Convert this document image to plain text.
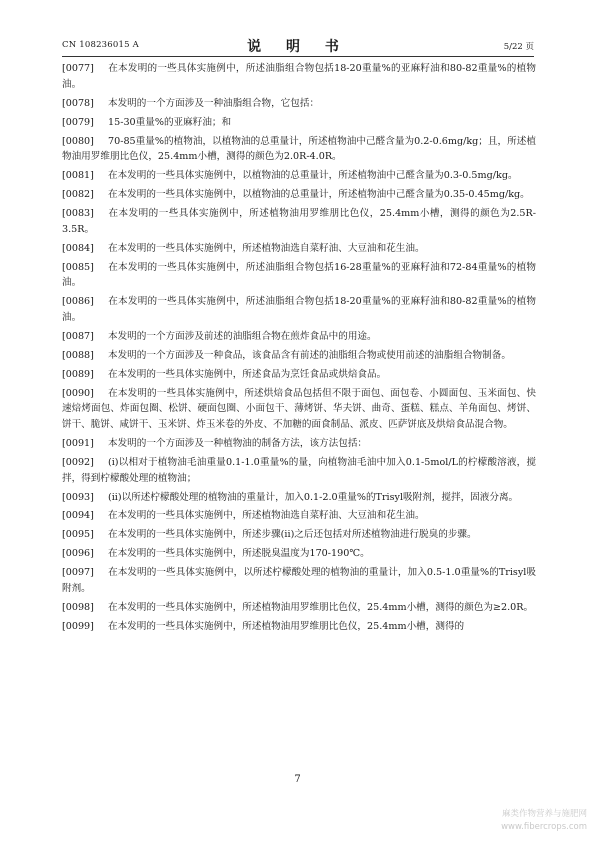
CN 108236015 A	说 明 书	5/22 页

[0077] 在本发明的一些具体实施例中，所述油脂组合物包括18-20重量%的亚麻籽油和80-82重量%的植物油。

[0078] 本发明的一个方面涉及一种油脂组合物，它包括：

[0079] 15-30重量%的亚麻籽油；和

[0080] 70-85重量%的植物油，以植物油的总重量计，所述植物油中己醛含量为0.2-0.6mg/kg；且，所述植物油用罗维朋比色仪，25.4mm小槽，测得的颜色为2.0R-4.0R。

[0081] 在本发明的一些具体实施例中，以植物油的总重量计，所述植物油中己醛含量为0.3-0.5mg/kg。

[0082] 在本发明的一些具体实施例中，以植物油的总重量计，所述植物油中己醛含量为0.35-0.45mg/kg。

[0083] 在本发明的一些具体实施例中，所述植物油用罗维朋比色仪，25.4mm小槽，测得的颜色为2.5R-3.5R。

[0084] 在本发明的一些具体实施例中，所述植物油选自菜籽油、大豆油和花生油。

[0085] 在本发明的一些具体实施例中，所述油脂组合物包括16-28重量%的亚麻籽油和72-84重量%的植物油。

[0086] 在本发明的一些具体实施例中，所述油脂组合物包括18-20重量%的亚麻籽油和80-82重量%的植物油。

[0087] 本发明的一个方面涉及前述的油脂组合物在煎炸食品中的用途。

[0088] 本发明的一个方面涉及一种食品，该食品含有前述的油脂组合物或使用前述的油脂组合物制备。

[0089] 在本发明的一些具体实施例中，所述食品为烹饪食品或烘焙食品。

[0090] 在本发明的一些具体实施例中，所述烘焙食品包括但不限于面包、面包卷、小圆面包、玉米面包、快速焙烤面包、炸面包圈、松饼、硬面包圈、小面包干、薄烤饼、华夫饼、曲奇、蛋糕、糕点、羊角面包、烤饼、饼干、脆饼、咸饼干、玉米饼、炸玉米卷的外皮、不加糖的面食制品、派皮、匹萨饼底及烘焙食品混合物。

[0091] 本发明的一个方面涉及一种植物油的制备方法，该方法包括：

[0092] (i)以相对于植物油毛油重量0.1-1.0重量%的量，向植物油毛油中加入0.1-5mol/L的柠檬酸溶液，搅拌，得到柠檬酸处理的植物油；

[0093] (ii)以所述柠檬酸处理的植物油的重量计，加入0.1-2.0重量%的Trisyl吸附剂，搅拌，固液分离。

[0094] 在本发明的一些具体实施例中，所述植物油选自菜籽油、大豆油和花生油。

[0095] 在本发明的一些具体实施例中，所述步骤(ii)之后还包括对所述植物油进行脱臭的步骤。

[0096] 在本发明的一些具体实施例中，所述脱臭温度为170-190℃。

[0097] 在本发明的一些具体实施例中，以所述柠檬酸处理的植物油的重量计，加入0.5-1.0重量%的Trisyl吸附剂。

[0098] 在本发明的一些具体实施例中，所述植物油用罗维朋比色仪，25.4mm小槽，测得的颜色为≥2.0R。

[0099] 在本发明的一些具体实施例中，所述植物油用罗维朋比色仪，25.4mm小槽，测得的

7
麻类作物营养与施肥网
www.fibercrops.com
